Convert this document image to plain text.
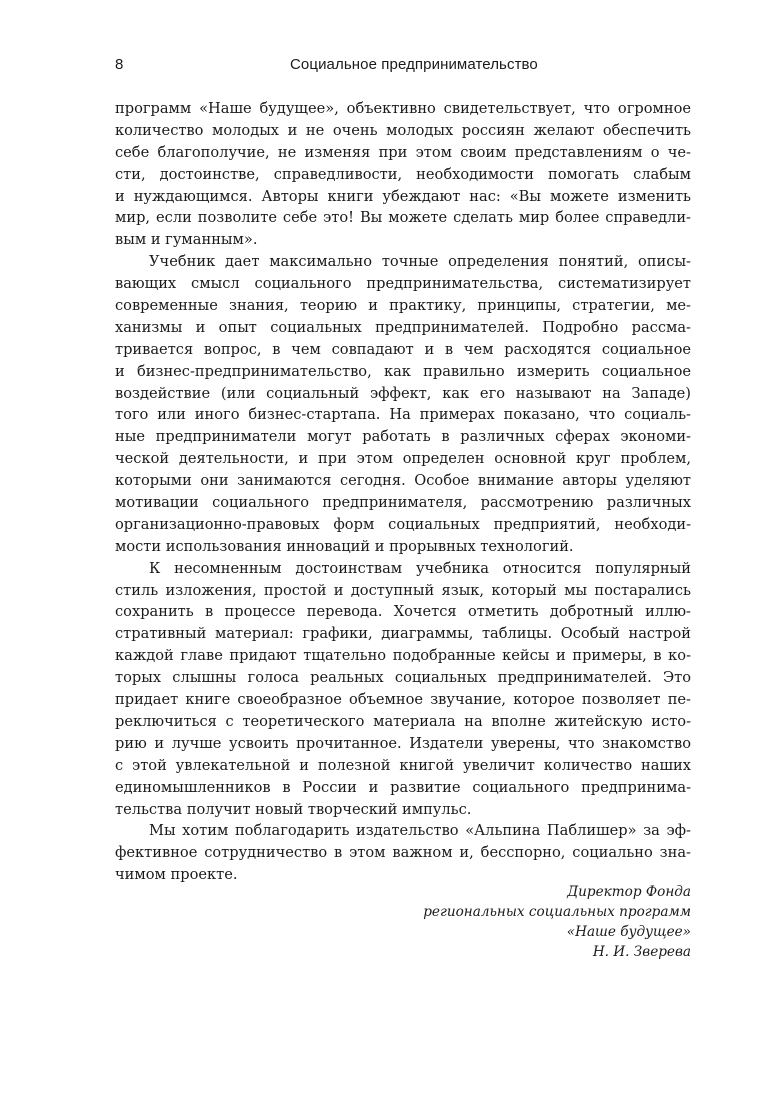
8	Социальное предпринимательство
программ «Наше будущее», объективно свидетельствует, что огромное
количество молодых и не очень молодых россиян желают обеспечить
себе благополучие, не изменяя при этом своим представлениям о че-
сти, достоинстве, справедливости, необходимости помогать слабым
и нуждающимся. Авторы книги убеждают нас: «Вы можете изменить
мир, если позволите себе это! Вы можете сделать мир более справедли-
вым и гуманным».
Учебник дает максимально точные определения понятий, описы-
вающих смысл социального предпринимательства, систематизирует
современные знания, теорию и практику, принципы, стратегии, ме-
ханизмы и опыт социальных предпринимателей. Подробно рассма-
тривается вопрос, в чем совпадают и в чем расходятся социальное
и бизнес-предпринимательство, как правильно измерить социальное
воздействие (или социальный эффект, как его называют на Западе)
того или иного бизнес-стартапа. На примерах показано, что социаль-
ные предприниматели могут работать в различных сферах экономи-
ческой деятельности, и при этом определен основной круг проблем,
которыми они занимаются сегодня. Особое внимание авторы уделяют
мотивации социального предпринимателя, рассмотрению различных
организационно-правовых форм социальных предприятий, необходи-
мости использования инноваций и прорывных технологий.
К несомненным достоинствам учебника относится популярный
стиль изложения, простой и доступный язык, который мы постарались
сохранить в процессе перевода. Хочется отметить добротный иллю-
стративный материал: графики, диаграммы, таблицы. Особый настрой
каждой главе придают тщательно подобранные кейсы и примеры, в ко-
торых слышны голоса реальных социальных предпринимателей. Это
придает книге своеобразное объемное звучание, которое позволяет пе-
реключиться с теоретического материала на вполне житейскую исто-
рию и лучше усвоить прочитанное. Издатели уверены, что знакомство
с этой увлекательной и полезной книгой увеличит количество наших
единомышленников в России и развитие социального предпринима-
тельства получит новый творческий импульс.
Мы хотим поблагодарить издательство «Альпина Паблишер» за эф-
фективное сотрудничество в этом важном и, бесспорно, социально зна-
чимом проекте.
Директор Фонда
региональных социальных программ
«Наше будущее»
Н. И. Зверева
